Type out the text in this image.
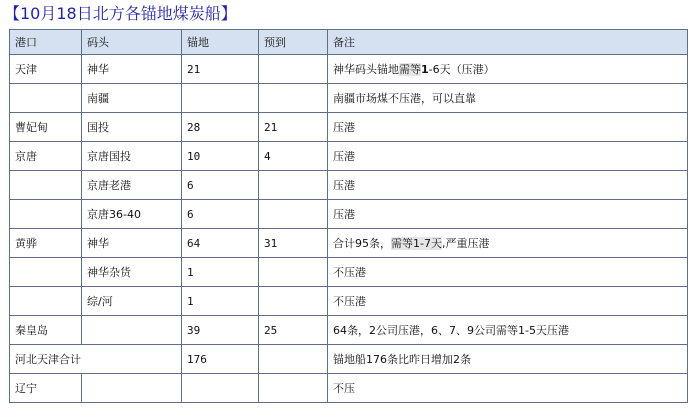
【10月18日北方各锚地煤炭船】
港口	码头	锚地	预到	备注
天津	神华	21		神华码头锚地需等1-6天（压港）
	南疆			南疆市场煤不压港，可以直靠
曹妃甸	国投	28	21	压港
京唐	京唐国投	10	4	压港
	京唐老港	6		压港
	京唐36-40	6		压港
黄骅	神华	64	31	合计95条，需等1-7天,严重压港
	神华杂货	1		不压港
	综/河	1		不压港
秦皇岛		39	25	64条，2公司压港，6、7、9公司需等1-5天压港
河北天津合计		176		锚地船176条比昨日增加2条
辽宁				不压
